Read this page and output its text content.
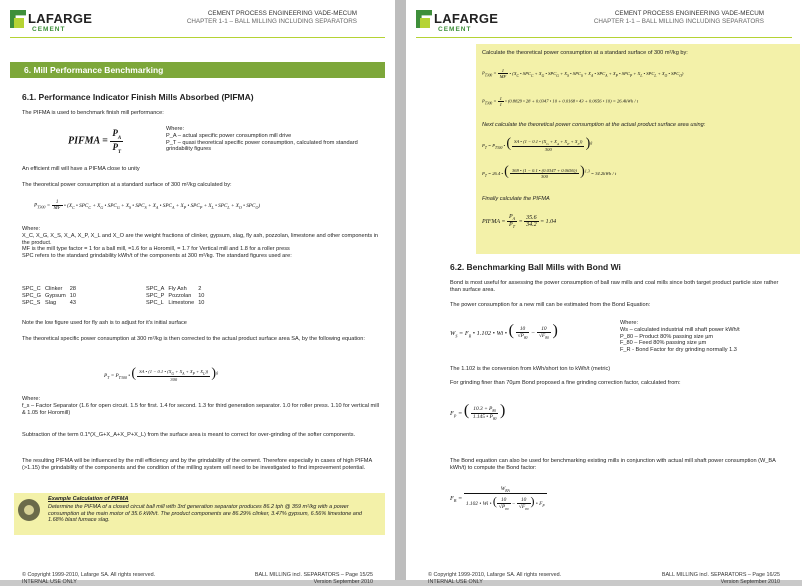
LAFARGE
CEMENT
CEMENT PROCESS ENGINEERING VADE-MECUM
CHAPTER 1-1 – BALL MILLING INCLUDING SEPARATORS
6. Mill Performance Benchmarking
6.1. Performance Indicator Finish Mills Absorbed (PIFMA)
The PIFMA is used to benchmark finish mill performance:
PIFMA = $\frac{P_A}{P_T}$	Where:
P_A – actual specific power consumption mill drive
P_T – quasi theoretical specific power consumption, calculated from standard grindability figures
An efficient mill will have a PIFMA close to unity
The theoretical power consumption at a standard surface of 300 m²/kg calculated by:
$P_{T300} = \frac{1}{MF}$ • ($X_C$ • $SPC_C + X_G$ • $SPC_G + X_S$ • $SPC_S + X_A$ • $SPC_A + X_P$ • $SPC_P + X_L$ • $SPC_L + X_O$ • $SPC_O$)
Where:
X_C, X_G, X_S, X_A, X_P, X_L and X_O are the weight fractions of clinker, gypsum, slag, fly ash, pozzolan, limestone and other components in the product.
MF is the mill type factor = 1 for a ball mill, =1.6 for a Horomill, = 1.7 for Vertical mill and 1.8 for a roller press
SPC refers to the standard grindability kWh/t of the components at 300 m²/kg. The standard figures used are:
SPC_C	Clinker	28	SPC_A	Fly Ash	2
SPC_G	Gypsum	10	SPC_P	Pozzolan	10
SPC_S	Slag	43	SPC_L	Limestone	10
Note the low figure used for fly ash is to adjust for it's initial surface
The theoretical specific power consumption at 300 m²/kg is then corrected to the actual product surface area SA, by the following equation:
$P_T = P_{T300}$ • ( $\frac{SA • (1 - 0.1 • (X_G + X_A + X_P + X_L))}{300} )^ß$
Where:
f_s – Factor Separator (1.6 for open circuit. 1.5 for first. 1.4 for second. 1.3 for third generation separator. 1.0 for roller press. 1.10 for vertical mill & 1.05 for Horomill)
Subtraction of the term 0.1*(X_G+X_A+X_P+X_L) from the surface area is meant to correct for over-grinding of the softer components.
The resulting PIFMA will be influenced by the mill efficiency and by the grindability of the cement. Therefore especially in cases of high PIFMA (>1.15) the grindability of the components and the condition of the milling system will need to be investigated to find improvement potential.
Example Calculation of PIFMA
Determine the PIFMA of a closed circuit ball mill with 3rd generation separator produces 86.2 tph @ 359 m²/kg with a power consumption at the main motor of 35.6 kWh/t. The product components are 86.29% clinker, 3.47% gypsum, 6.56% limestone and 1.68% blast furnace slag.
© Copyright 1999-2010, Lafarge SA. All rights reserved.
INTERNAL USE ONLY
BALL MILLING incl. SEPARATORS – Page 15/25
Version September 2010
LAFARGE
CEMENT
CEMENT PROCESS ENGINEERING VADE-MECUM
CHAPTER 1-1 – BALL MILLING INCLUDING SEPARATORS
Calculate the theoretical power consumption at a standard surface of 300 m²/kg by:
$P_{T300} = \frac{1}{MF}$ • ($X_C$ • $SPC_C + X_G$ • $SPC_G + X_S$ • $SPC_S + X_A$ • $SPC_A + X_P$ • $SPC_P + X_L$ • $SPC_L + X_O$ • $SPC_O$)
$P_{T300} = \frac{1}{1}$ • (0.8829 • 28 + 0.0347 • 10 + 0.0168 • 43 + 0.0656 • 10) = 26.4kWh / t
Next calculate the theoretical power consumption at the actual product surface area using:
$P_T = P_{T300}$ • ( $\frac{SA • (1 - 0.1 • (X_G + X_A + X_P + X_L))}{300} )^ß$
$P_T = 26.4$ • ( $\frac{369 • (1 - 0.1 • (0.0347 + 0.0656))}{300} )^{1.3} = 34.2kWh / t$
Finally calculate the PIFMA
PIFMA = $\frac{P_A}{P_T} = \frac{35.6}{34.2} = 1.04$
6.2. Benchmarking Ball Mills with Bond Wi
Bond is most useful for assessing the power consumption of ball raw mills and coal mills since both target product particle size rather than surface area.
The power consumption for a new mill can be estimated from the Bond Equation:
$W_S = F_R$ • 1.102 • Wi • ( $\frac{10}{√P_{80}} - \frac{10}{√F_{80}}$ )	Where:
Ws – calculated industrial mill shaft power kWh/t
P_80 – Product 80% passing size µm
F_80 – Feed 80% passing size µm
F_R - Bond Factor for dry grinding normally 1.3
The 1.102 is the conversion from kWh/short ton to kWh/t (metric)
For grinding finer than 70µm Bond proposed a fine grinding correction factor, calculated from:
$F_P$ = ( $\frac{10.3 + P_{80}}{1.145 • P_{80}}$ )
The Bond equation can also be used for benchmarking existing mills in conjunction with actual mill shaft power consumption (W_BA kWh/t) to compute the Bond factor:
$F_B = \frac{W_{BA}}{1.102 • Wi • ( \frac{10}{√P_{80}} - \frac{10}{√F_{80}} ) • F_P}$
© Copyright 1999-2010, Lafarge SA. All rights reserved.
INTERNAL USE ONLY
BALL MILLING incl. SEPARATORS – Page 16/25
Version September 2010
